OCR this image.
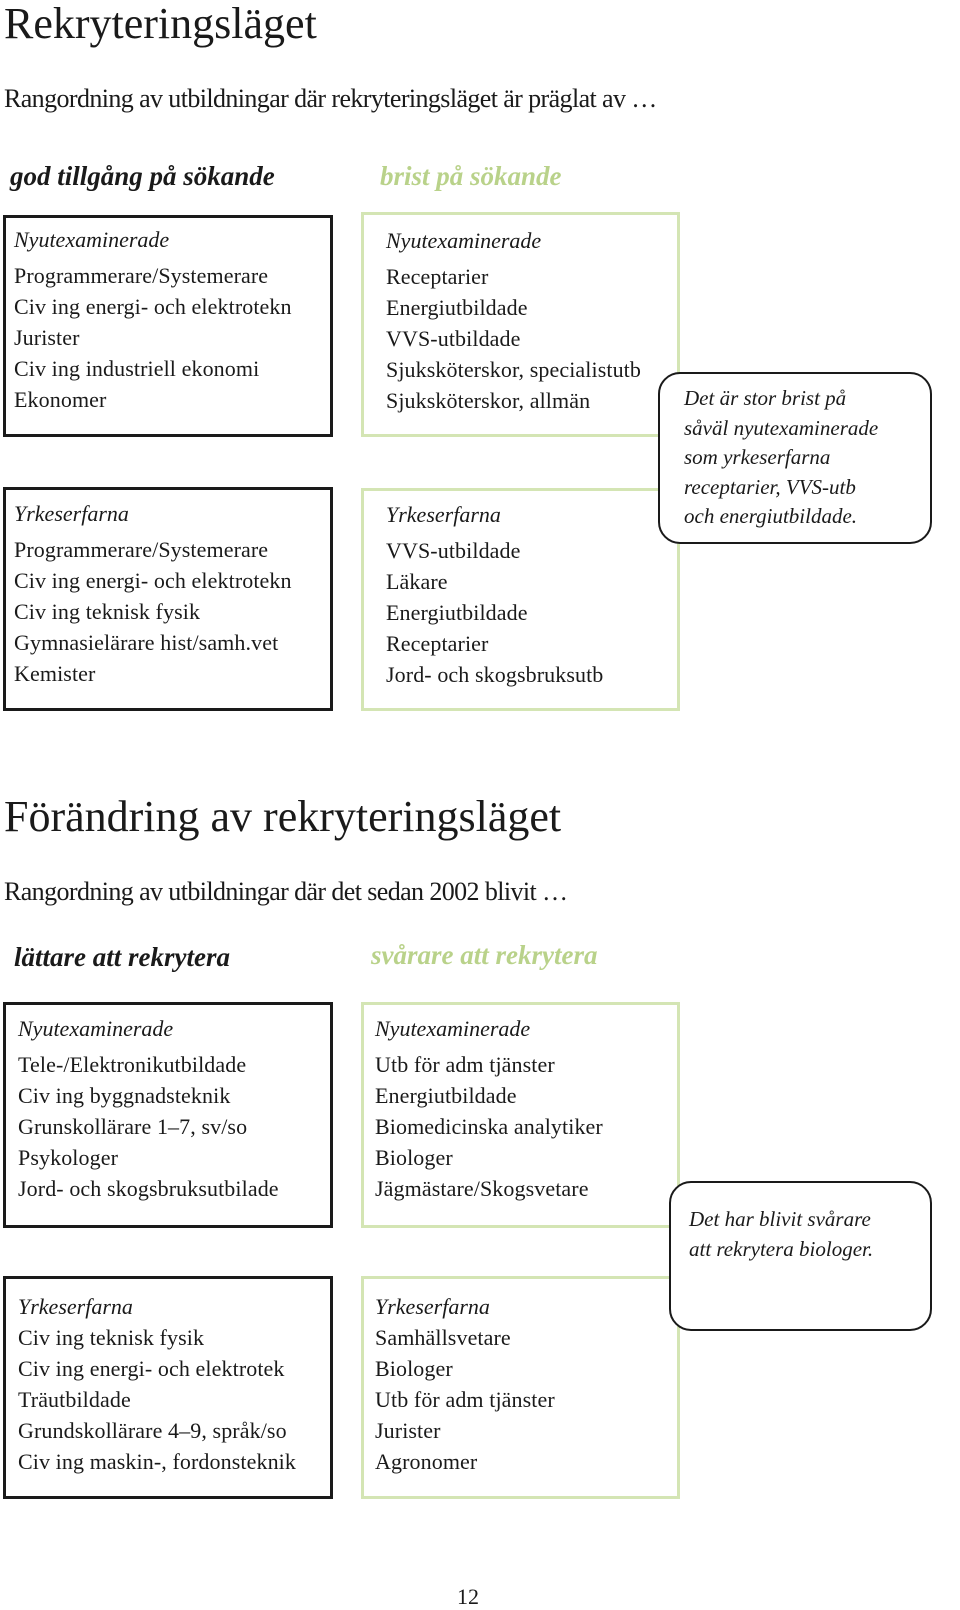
Rekryteringsläget
Rangordning av utbildningar där rekryteringsläget är präglat av …
god tillgång på sökande	brist på sökande
Nyutexaminerade
Programmerare/Systemerare
Civ ing energi- och elektrotekn
Jurister
Civ ing industriell ekonomi
Ekonomer
Yrkeserfarna
Programmerare/Systemerare
Civ ing energi- och elektrotekn
Civ ing teknisk fysik
Gymnasielärare hist/samh.vet
Kemister
Nyutexaminerade
Receptarier
Energiutbildade
VVS-utbildade
Sjuksköterskor, specialistutb
Sjuksköterskor, allmän
Yrkeserfarna
VVS-utbildade
Läkare
Energiutbildade
Receptarier
Jord- och skogsbruksutb
Det är stor brist på
såväl nyutexaminerade
som yrkeserfarna
receptarier, VVS-utb
och energiutbildade.
Förändring av rekryteringsläget
Rangordning av utbildningar där det sedan 2002 blivit …
lättare att rekrytera	svårare att rekrytera
Nyutexaminerade
Tele-/Elektronikutbildade
Civ ing byggnadsteknik
Grunskollärare 1–7, sv/so
Psykologer
Jord- och skogsbruksutbilade
Yrkeserfarna
Civ ing teknisk fysik
Civ ing energi- och elektrotek
Träutbildade
Grundskollärare 4–9, språk/so
Civ ing maskin-, fordonsteknik
Nyutexaminerade
Utb för adm tjänster
Energiutbildade
Biomedicinska analytiker
Biologer
Jägmästare/Skogsvetare
Yrkeserfarna
Samhällsvetare
Biologer
Utb för adm tjänster
Jurister
Agronomer
Det har blivit svårare
att rekrytera biologer.
12
